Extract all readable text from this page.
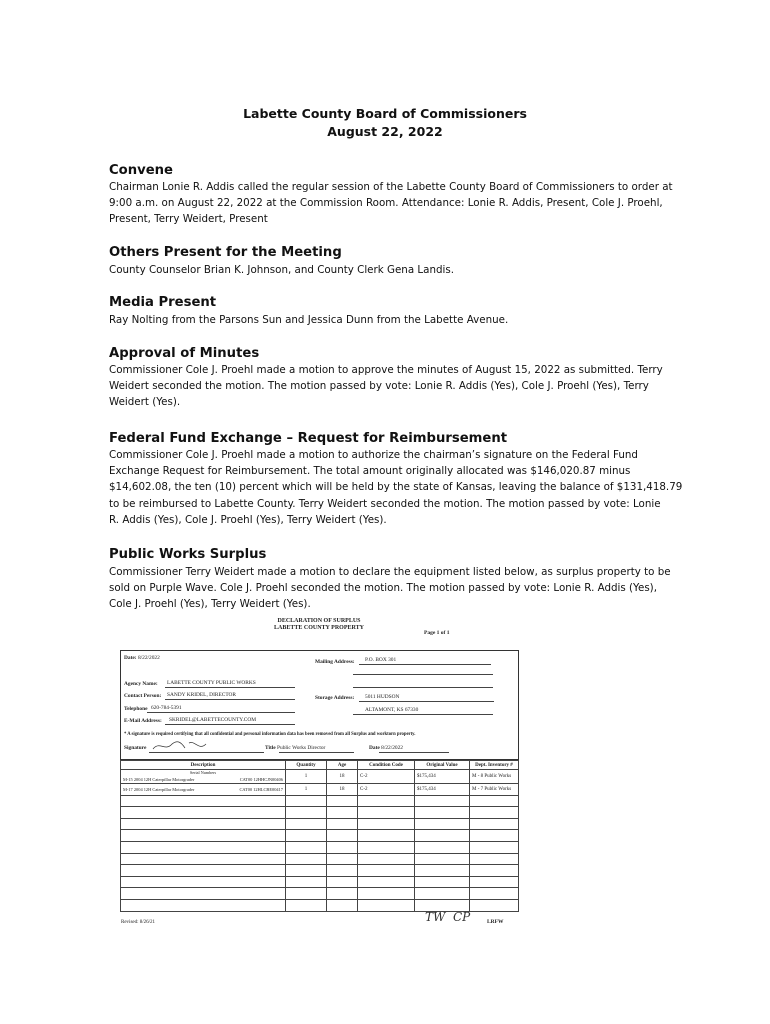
Labette County Board of Commissioners
August 22, 2022
Convene
Chairman Lonie R. Addis called the regular session of the Labette County Board of Commissioners to order at
9:00 a.m. on August 22, 2022 at the Commission Room. Attendance: Lonie R. Addis, Present, Cole J. Proehl,
Present, Terry Weidert, Present
Others Present for the Meeting
County Counselor Brian K. Johnson, and County Clerk Gena Landis.
Media Present
Ray Nolting from the Parsons Sun and Jessica Dunn from the Labette Avenue.
Approval of Minutes
Commissioner Cole J. Proehl made a motion to approve the minutes of August 15, 2022 as submitted. Terry
Weidert seconded the motion. The motion passed by vote: Lonie R. Addis (Yes), Cole J. Proehl (Yes), Terry
Weidert (Yes).
Federal Fund Exchange – Request for Reimbursement
Commissioner Cole J. Proehl made a motion to authorize the chairman’s signature on the Federal Fund
Exchange Request for Reimbursement. The total amount originally allocated was $146,020.87 minus
$14,602.08, the ten (10) percent which will be held by the state of Kansas, leaving the balance of $131,418.79
to be reimbursed to Labette County. Terry Weidert seconded the motion. The motion passed by vote: Lonie
R. Addis (Yes), Cole J. Proehl (Yes), Terry Weidert (Yes).
Public Works Surplus
Commissioner Terry Weidert made a motion to declare the equipment listed below, as surplus property to be
sold on Purple Wave. Cole J. Proehl seconded the motion. The motion passed by vote: Lonie R. Addis (Yes),
Cole J. Proehl (Yes), Terry Weidert (Yes).
DECLARATION OF SURPLUS
LABETTE COUNTY PROPERTY
Page 1 of 1
Date: 8/22/2022
Mailing Address: P.O. BOX 301
Agency Name: LABETTE COUNTY PUBLIC WORKS
Contact Person: SANDY KRIDEL, DIRECTOR	Storage Address: 5011 HUDSON
Telephone 620-784-5391	ALTAMONT, KS 67330
E-Mail Address: SKRIDEL@LABETTECOUNTY.COM
* A signature is required certifying that all confidential and personal information data has been removed from all Surplus and worktorn property.
Signature	Title Public Works Director	Date 8/22/2022
Description	Quantity	Age	Condition Code	Original Value	Dept. Inventory #

Serial Numbers
M-15 2004 12H Caterpillar Motorgrader CAT00 12HHCJN00406	1	18	C-2	$175,434	M - 8 Public Works

M-17 2004 12H Caterpillar Motorgrader CAT00 12HLCBE00417	1	18	C-2	$175,434	M - 7 Public Works

Revised: 8/26/21	TW CP	LRFW
